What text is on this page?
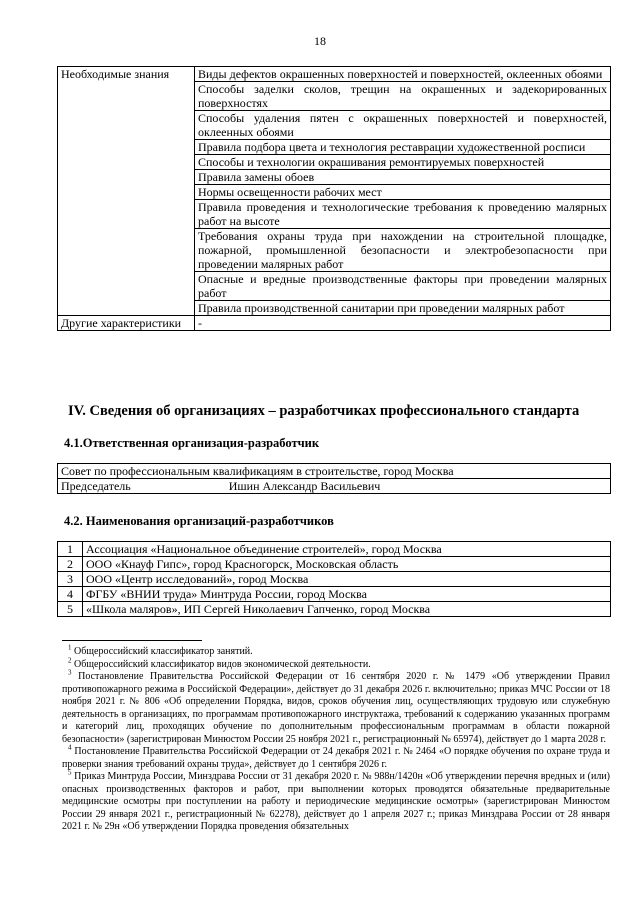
18
Необходимые знания	Виды дефектов окрашенных поверхностей и поверхностей, оклеенных обоями
	Способы заделки сколов, трещин на окрашенных и задекорированных поверхностях
	Способы удаления пятен с окрашенных поверхностей и поверхностей, оклеенных обоями
	Правила подбора цвета и технология реставрации художественной росписи
	Способы и технологии окрашивания ремонтируемых поверхностей
	Правила замены обоев
	Нормы освещенности рабочих мест
	Правила проведения и технологические требования к проведению малярных работ на высоте
	Требования охраны труда при нахождении на строительной площадке, пожарной, промышленной безопасности и электробезопасности при проведении малярных работ
	Опасные и вредные производственные факторы при проведении малярных работ
	Правила производственной санитарии при проведении малярных работ
Другие характеристики	-
IV. Сведения об организациях – разработчиках профессионального стандарта
4.1.Ответственная организация-разработчик
Совет по профессиональным квалификациям в строительстве, город Москва
Председатель	Ишин Александр Васильевич
4.2. Наименования организаций-разработчиков
1	Ассоциация «Национальное объединение строителей», город Москва
2	ООО «Кнауф Гипс», город Красногорск, Московская область
3	ООО «Центр исследований», город Москва
4	ФГБУ «ВНИИ труда» Минтруда России, город Москва
5	«Школа маляров», ИП Сергей Николаевич Гапченко, город Москва

$^1$ Общероссийский классификатор занятий.

$^2$ Общероссийский классификатор видов экономической деятельности.

$^3$ Постановление Правительства Российской Федерации от 16 сентября 2020 г. № 1479 «Об утверждении Правил противопожарного режима в Российской Федерации», действует до 31 декабря 2026 г. включительно; приказ МЧС России от 18 ноября 2021 г. № 806 «Об определении Порядка, видов, сроков обучения лиц, осуществляющих трудовую или служебную деятельность в организациях, по программам противопожарного инструктажа, требований к содержанию указанных программ и категорий лиц, проходящих обучение по дополнительным профессиональным программам в области пожарной безопасности» (зарегистрирован Минюстом России 25 ноября 2021 г., регистрационный № 65974), действует до 1 марта 2028 г.

$^4$ Постановление Правительства Российской Федерации от 24 декабря 2021 г. № 2464 «О порядке обучения по охране труда и проверки знания требований охраны труда», действует до 1 сентября 2026 г.

$^5$ Приказ Минтруда России, Минздрава России от 31 декабря 2020 г. № 988н/1420н «Об утверждении перечня вредных и (или) опасных производственных факторов и работ, при выполнении которых проводятся обязательные предварительные медицинские осмотры при поступлении на работу и периодические медицинские осмотры» (зарегистрирован Минюстом России 29 января 2021 г., регистрационный № 62278), действует до 1 апреля 2027 г.; приказ Минздрава России от 28 января 2021 г. № 29н «Об утверждении Порядка проведения обязательных
